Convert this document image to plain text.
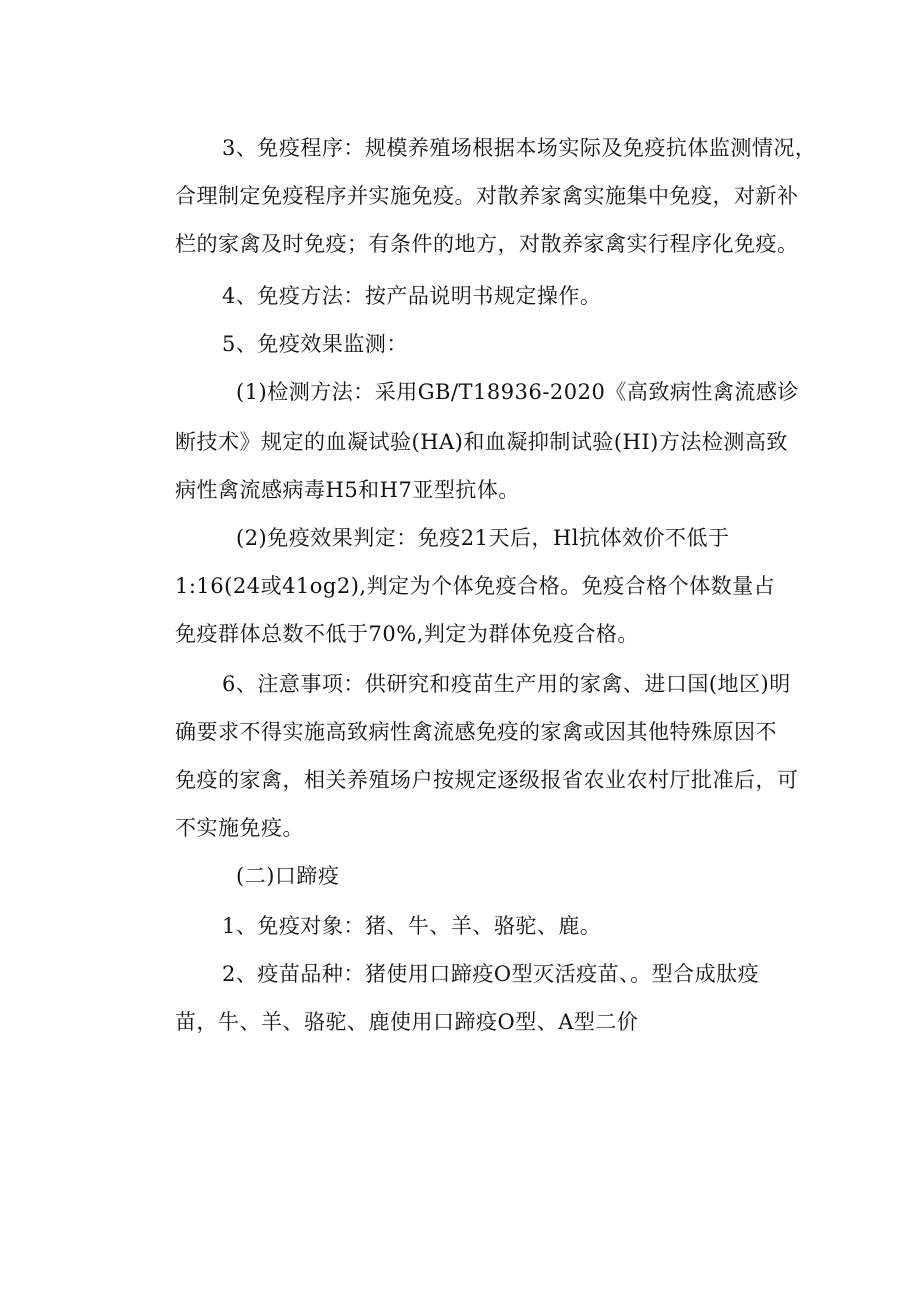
3、免疫程序：规模养殖场根据本场实际及免疫抗体监测情况，
合理制定免疫程序并实施免疫。对散养家禽实施集中免疫，对新补
栏的家禽及时免疫；有条件的地方，对散养家禽实行程序化免疫。
4、免疫方法：按产品说明书规定操作。
5、免疫效果监测：
(1)检测方法：采用GB/T18936-2020《高致病性禽流感诊
断技术》规定的血凝试验(HA)和血凝抑制试验(HI)方法检测高致
病性禽流感病毒H5和H7亚型抗体。
(2)免疫效果判定：免疫21天后，Hl抗体效价不低于
1:16(24或41og2),判定为个体免疫合格。免疫合格个体数量占
免疫群体总数不低于70%,判定为群体免疫合格。
6、注意事项：供研究和疫苗生产用的家禽、进口国(地区)明
确要求不得实施高致病性禽流感免疫的家禽或因其他特殊原因不
免疫的家禽，相关养殖场户按规定逐级报省农业农村厅批准后，可
不实施免疫。
(二)口蹄疫
1、免疫对象：猪、牛、羊、骆驼、鹿。
2、疫苗品种：猪使用口蹄疫O型灭活疫苗、。型合成肽疫
苗，牛、羊、骆驼、鹿使用口蹄疫O型、A型二价
